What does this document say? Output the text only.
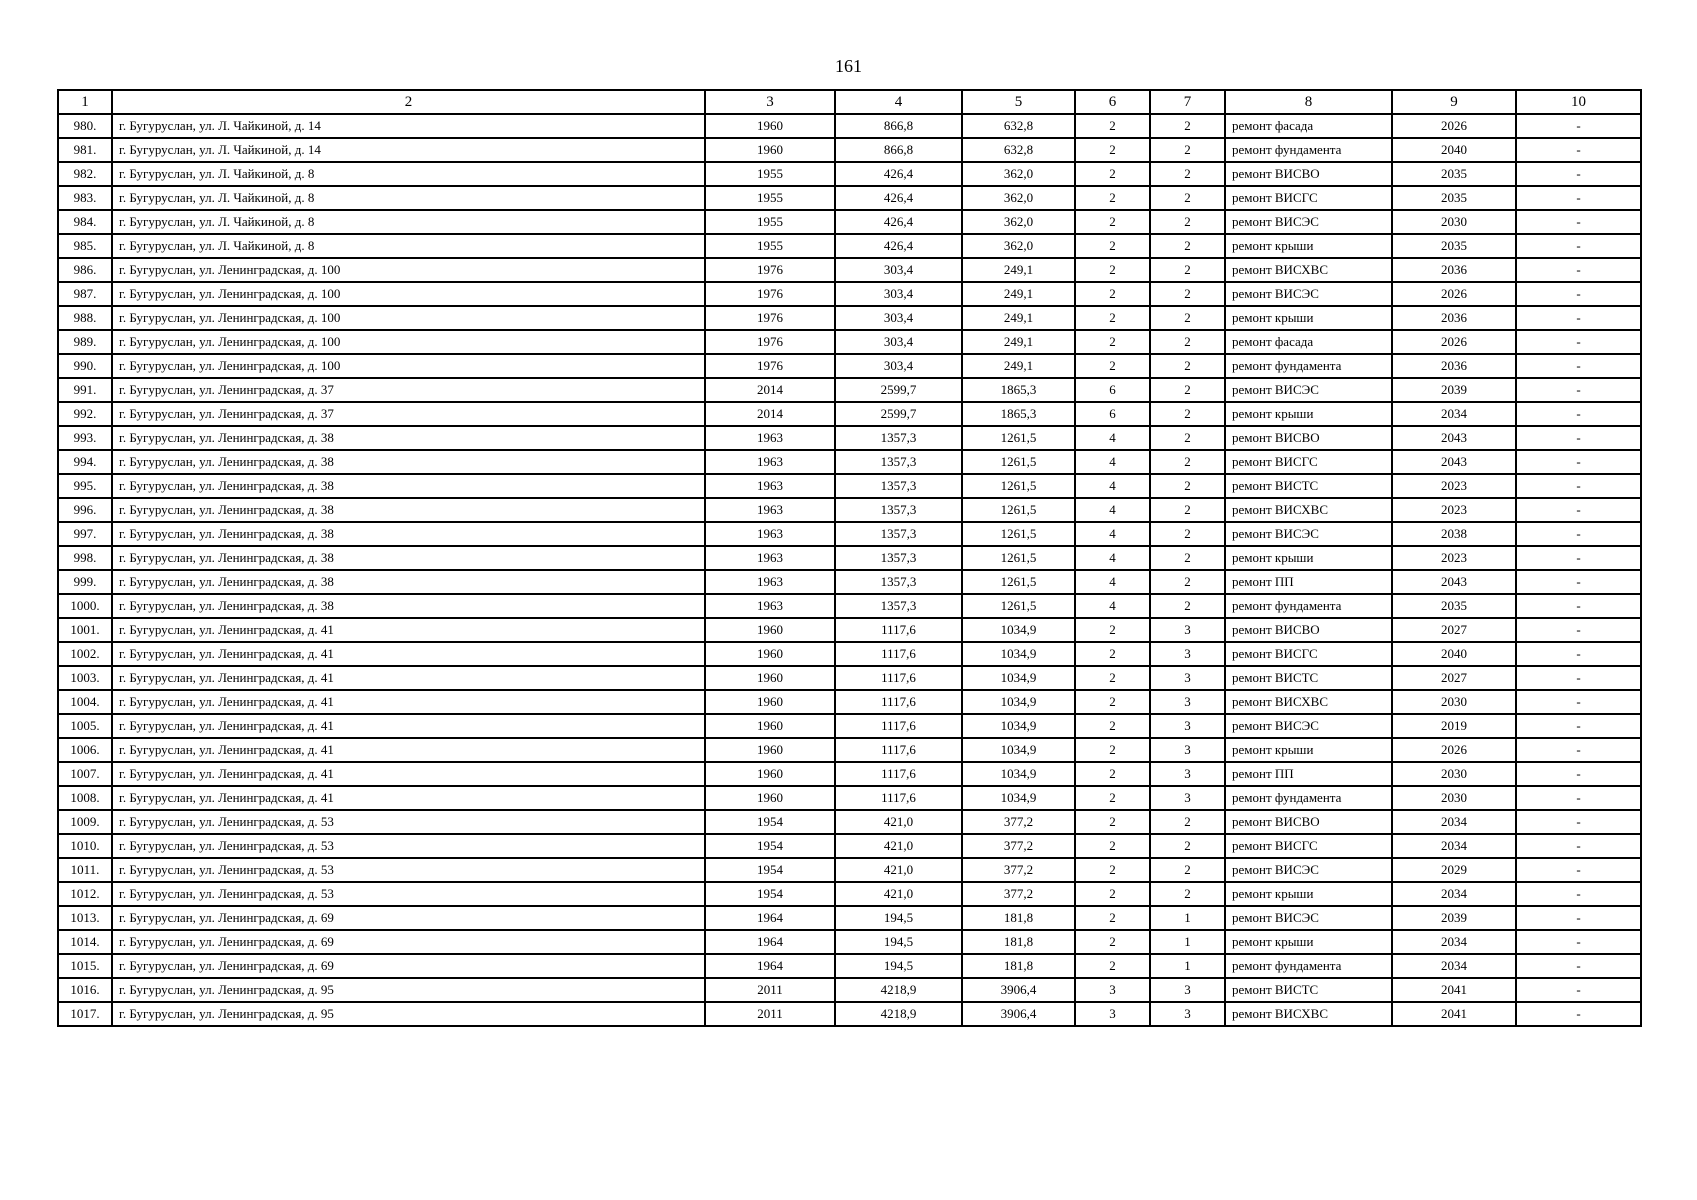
161
1	2	3	4	5	6	7	8	9	10
980.	г. Бугуруслан, ул. Л. Чайкиной, д. 14	1960	866,8	632,8	2	2	ремонт фасада	2026	-
981.	г. Бугуруслан, ул. Л. Чайкиной, д. 14	1960	866,8	632,8	2	2	ремонт фундамента	2040	-
982.	г. Бугуруслан, ул. Л. Чайкиной, д. 8	1955	426,4	362,0	2	2	ремонт ВИСВО	2035	-
983.	г. Бугуруслан, ул. Л. Чайкиной, д. 8	1955	426,4	362,0	2	2	ремонт ВИСГС	2035	-
984.	г. Бугуруслан, ул. Л. Чайкиной, д. 8	1955	426,4	362,0	2	2	ремонт ВИСЭС	2030	-
985.	г. Бугуруслан, ул. Л. Чайкиной, д. 8	1955	426,4	362,0	2	2	ремонт крыши	2035	-
986.	г. Бугуруслан, ул. Ленинградская, д. 100	1976	303,4	249,1	2	2	ремонт ВИСХВС	2036	-
987.	г. Бугуруслан, ул. Ленинградская, д. 100	1976	303,4	249,1	2	2	ремонт ВИСЭС	2026	-
988.	г. Бугуруслан, ул. Ленинградская, д. 100	1976	303,4	249,1	2	2	ремонт крыши	2036	-
989.	г. Бугуруслан, ул. Ленинградская, д. 100	1976	303,4	249,1	2	2	ремонт фасада	2026	-
990.	г. Бугуруслан, ул. Ленинградская, д. 100	1976	303,4	249,1	2	2	ремонт фундамента	2036	-
991.	г. Бугуруслан, ул. Ленинградская, д. 37	2014	2599,7	1865,3	6	2	ремонт ВИСЭС	2039	-
992.	г. Бугуруслан, ул. Ленинградская, д. 37	2014	2599,7	1865,3	6	2	ремонт крыши	2034	-
993.	г. Бугуруслан, ул. Ленинградская, д. 38	1963	1357,3	1261,5	4	2	ремонт ВИСВО	2043	-
994.	г. Бугуруслан, ул. Ленинградская, д. 38	1963	1357,3	1261,5	4	2	ремонт ВИСГС	2043	-
995.	г. Бугуруслан, ул. Ленинградская, д. 38	1963	1357,3	1261,5	4	2	ремонт ВИСТС	2023	-
996.	г. Бугуруслан, ул. Ленинградская, д. 38	1963	1357,3	1261,5	4	2	ремонт ВИСХВС	2023	-
997.	г. Бугуруслан, ул. Ленинградская, д. 38	1963	1357,3	1261,5	4	2	ремонт ВИСЭС	2038	-
998.	г. Бугуруслан, ул. Ленинградская, д. 38	1963	1357,3	1261,5	4	2	ремонт крыши	2023	-
999.	г. Бугуруслан, ул. Ленинградская, д. 38	1963	1357,3	1261,5	4	2	ремонт ПП	2043	-
1000.	г. Бугуруслан, ул. Ленинградская, д. 38	1963	1357,3	1261,5	4	2	ремонт фундамента	2035	-
1001.	г. Бугуруслан, ул. Ленинградская, д. 41	1960	1117,6	1034,9	2	3	ремонт ВИСВО	2027	-
1002.	г. Бугуруслан, ул. Ленинградская, д. 41	1960	1117,6	1034,9	2	3	ремонт ВИСГС	2040	-
1003.	г. Бугуруслан, ул. Ленинградская, д. 41	1960	1117,6	1034,9	2	3	ремонт ВИСТС	2027	-
1004.	г. Бугуруслан, ул. Ленинградская, д. 41	1960	1117,6	1034,9	2	3	ремонт ВИСХВС	2030	-
1005.	г. Бугуруслан, ул. Ленинградская, д. 41	1960	1117,6	1034,9	2	3	ремонт ВИСЭС	2019	-
1006.	г. Бугуруслан, ул. Ленинградская, д. 41	1960	1117,6	1034,9	2	3	ремонт крыши	2026	-
1007.	г. Бугуруслан, ул. Ленинградская, д. 41	1960	1117,6	1034,9	2	3	ремонт ПП	2030	-
1008.	г. Бугуруслан, ул. Ленинградская, д. 41	1960	1117,6	1034,9	2	3	ремонт фундамента	2030	-
1009.	г. Бугуруслан, ул. Ленинградская, д. 53	1954	421,0	377,2	2	2	ремонт ВИСВО	2034	-
1010.	г. Бугуруслан, ул. Ленинградская, д. 53	1954	421,0	377,2	2	2	ремонт ВИСГС	2034	-
1011.	г. Бугуруслан, ул. Ленинградская, д. 53	1954	421,0	377,2	2	2	ремонт ВИСЭС	2029	-
1012.	г. Бугуруслан, ул. Ленинградская, д. 53	1954	421,0	377,2	2	2	ремонт крыши	2034	-
1013.	г. Бугуруслан, ул. Ленинградская, д. 69	1964	194,5	181,8	2	1	ремонт ВИСЭС	2039	-
1014.	г. Бугуруслан, ул. Ленинградская, д. 69	1964	194,5	181,8	2	1	ремонт крыши	2034	-
1015.	г. Бугуруслан, ул. Ленинградская, д. 69	1964	194,5	181,8	2	1	ремонт фундамента	2034	-
1016.	г. Бугуруслан, ул. Ленинградская, д. 95	2011	4218,9	3906,4	3	3	ремонт ВИСТС	2041	-
1017.	г. Бугуруслан, ул. Ленинградская, д. 95	2011	4218,9	3906,4	3	3	ремонт ВИСХВС	2041	-
